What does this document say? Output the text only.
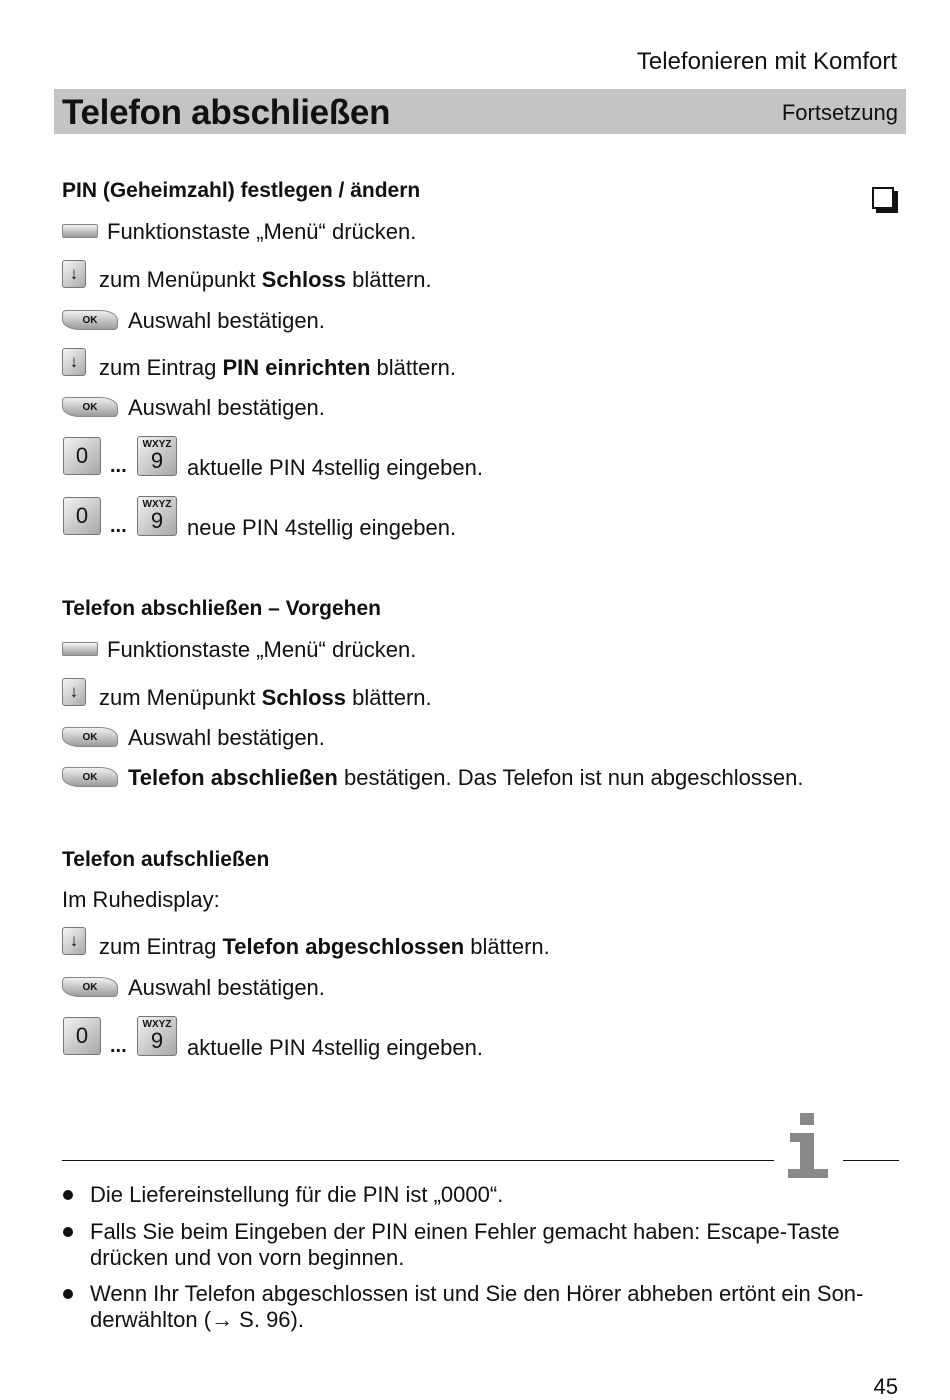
Telefonieren mit Komfort
Telefon abschließen	Fortsetzung
PIN (Geheimzahl) festlegen / ändern
Funktionstaste „Menü“ drücken.
↓ zum Menüpunkt Schloss blättern.
OK	Auswahl bestätigen.
↓ zum Eintrag PIN einrichten blättern.
OK	Auswahl bestätigen.
0	...
WXYZ
9	aktuelle PIN 4stellig eingeben.
0	...
WXYZ
9	neue PIN 4stellig eingeben.
Telefon abschließen – Vorgehen
Funktionstaste „Menü“ drücken.
↓ zum Menüpunkt Schloss blättern.
OK	Auswahl bestätigen.
OK	Telefon abschließen bestätigen. Das Telefon ist nun abgeschlossen.
Telefon aufschließen
Im Ruhedisplay:
↓ zum Eintrag Telefon abgeschlossen blättern.
OK	Auswahl bestätigen.
0	...
WXYZ
9	aktuelle PIN 4stellig eingeben.
Die Liefereinstellung für die PIN ist „0000“.
Falls Sie beim Eingeben der PIN einen Fehler gemacht haben: Escape-Taste drücken und von vorn beginnen.
Wenn Ihr Telefon abgeschlossen ist und Sie den Hörer abheben ertönt ein Son-
derwählton (→ S. 96).
45
